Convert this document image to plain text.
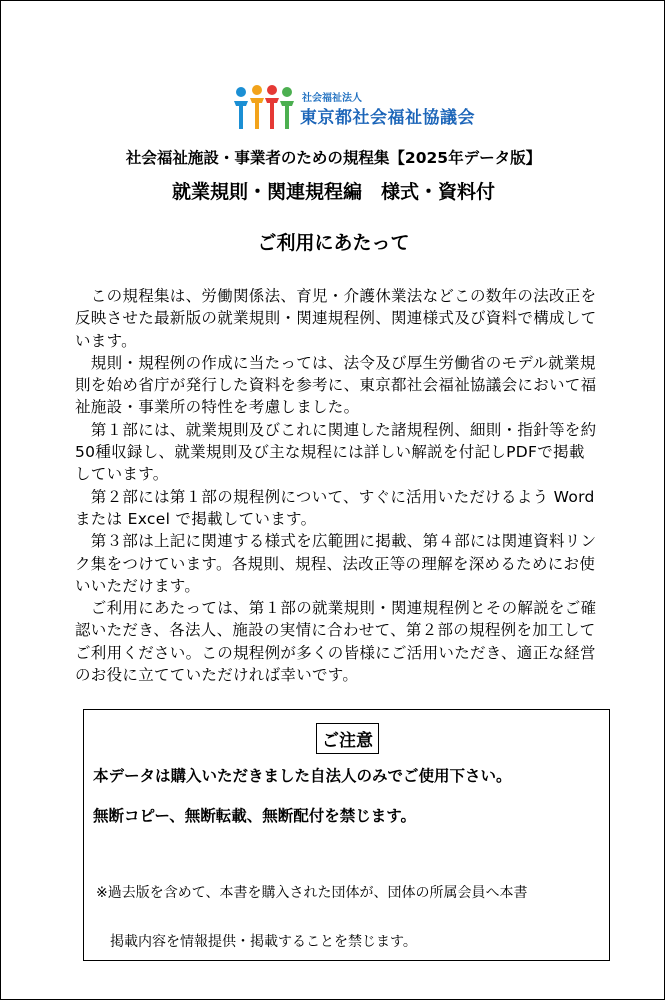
社会福祉法人
東京都社会福祉協議会
社会福祉施設・事業者のための規程集【2025年データ版】
就業規則・関連規程編　様式・資料付
ご利用にあたって
　この規程集は、労働関係法、育児・介護休業法などこの数年の法改正を
反映させた最新版の就業規則・関連規程例、関連様式及び資料で構成して
います。
　規則・規程例の作成に当たっては、法令及び厚生労働省のモデル就業規
則を始め省庁が発行した資料を参考に、東京都社会福祉協議会において福
祉施設・事業所の特性を考慮しました。
　第１部には、就業規則及びこれに関連した諸規程例、細則・指針等を約
50種収録し、就業規則及び主な規程には詳しい解説を付記しPDFで掲載
しています。
　第２部には第１部の規程例について、すぐに活用いただけるよう Word
または Excel で掲載しています。
　第３部は上記に関連する様式を広範囲に掲載、第４部には関連資料リン
ク集をつけています。各規則、規程、法改正等の理解を深めるためにお使
いいただけます。
　ご利用にあたっては、第１部の就業規則・関連規程例とその解説をご確
認いただき、各法人、施設の実情に合わせて、第２部の規程例を加工して
ご利用ください。この規程例が多くの皆様にご活用いただき、適正な経営
のお役に立てていただければ幸いです。
ご注意
本データは購入いただきました自法人のみでご使用下さい。
無断コピー、無断転載、無断配付を禁じます。
※過去版を含めて、本書を購入された団体が、団体の所属会員へ本書
掲載内容を情報提供・掲載することを禁じます。
